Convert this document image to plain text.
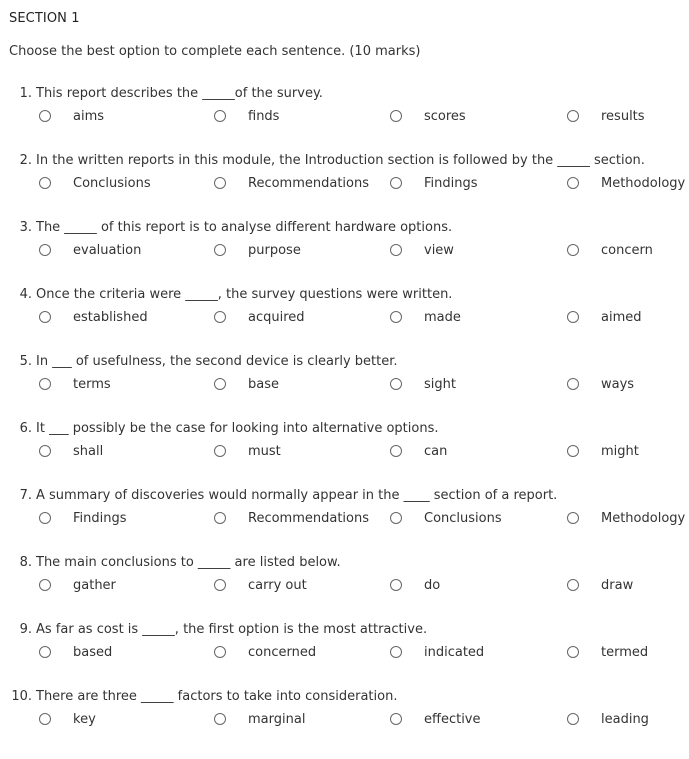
SECTION 1
Choose the best option to complete each sentence. (10 marks)
1. This report describes the _____of the survey.
aims	finds	scores	results
2. In the written reports in this module, the Introduction section is followed by the _____ section.
Conclusions	Recommendations	Findings	Methodology
3. The _____ of this report is to analyse different hardware options.
evaluation	purpose	view	concern
4. Once the criteria were _____, the survey questions were written.
established	acquired	made	aimed
5. In ___ of usefulness, the second device is clearly better.
terms	base	sight	ways
6. It ___ possibly be the case for looking into alternative options.
shall	must	can	might
7. A summary of discoveries would normally appear in the ____ section of a report.
Findings	Recommendations	Conclusions	Methodology
8. The main conclusions to _____ are listed below.
gather	carry out	do	draw
9. As far as cost is _____, the first option is the most attractive.
based	concerned	indicated	termed
10. There are three _____ factors to take into consideration.
key	marginal	effective	leading
